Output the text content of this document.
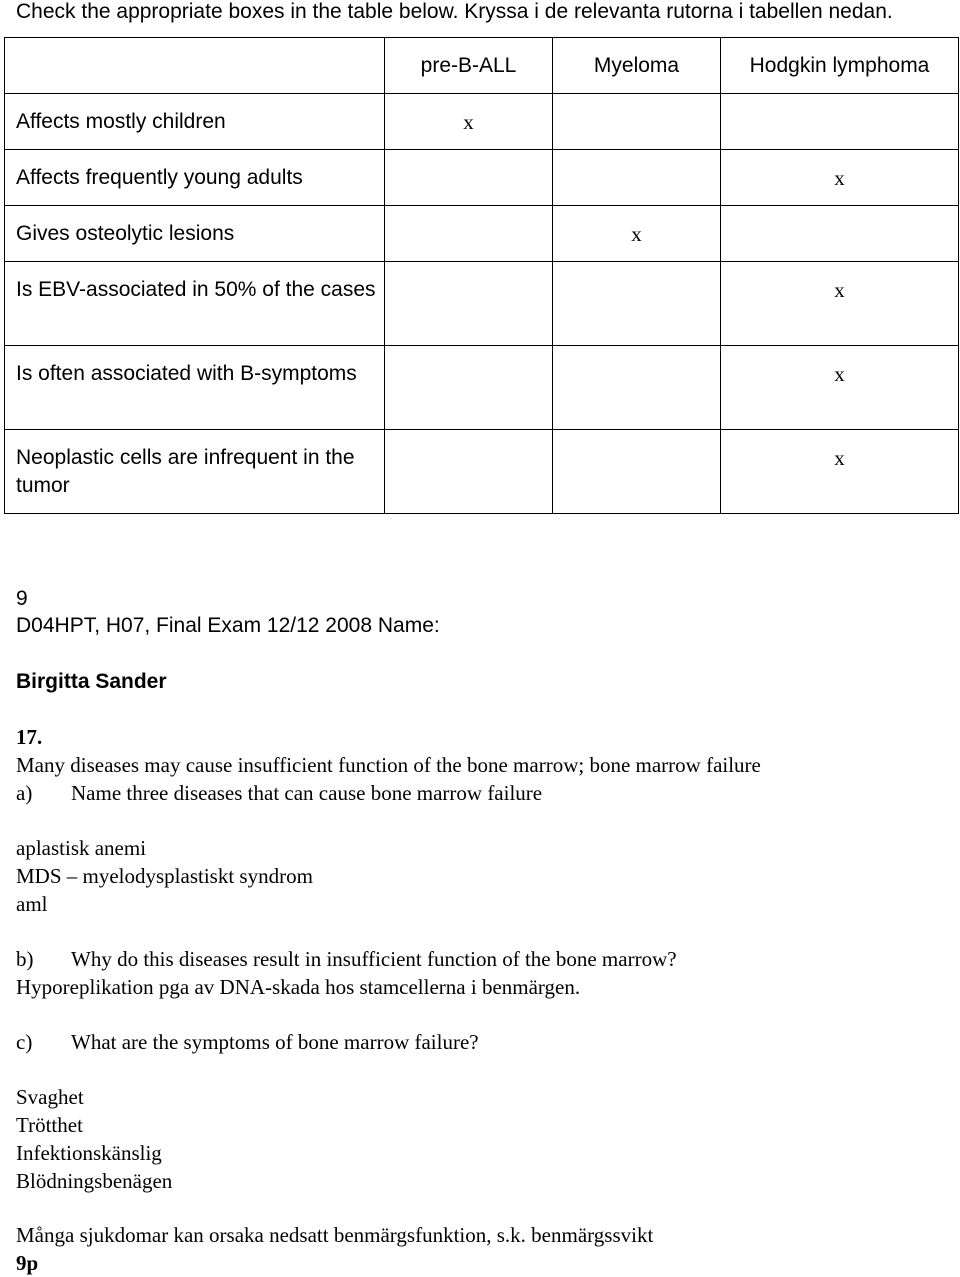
Check the appropriate boxes in the table below. Kryssa i de relevanta rutorna i tabellen nedan.
	pre-B-ALL	Myeloma	Hodgkin lymphoma
Affects mostly children	x		
Affects frequently young adults			x
Gives osteolytic lesions		x	
Is EBV-associated in 50% of the cases			x
Is often associated with B-symptoms			x
Neoplastic cells are infrequent in the tumor			x
9
D04HPT, H07, Final Exam 12/12 2008 Name:
Birgitta Sander
17.
Many diseases may cause insufficient function of the bone marrow; bone marrow failure
a) Name three diseases that can cause bone marrow failure
aplastisk anemi
MDS – myelodysplastiskt syndrom
aml
b) Why do this diseases result in insufficient function of the bone marrow?
Hyporeplikation pga av DNA-skada hos stamcellerna i benmärgen.
c) What are the symptoms of bone marrow failure?
Svaghet
Trötthet
Infektionskänslig
Blödningsbenägen
Många sjukdomar kan orsaka nedsatt benmärgsfunktion, s.k. benmärgssvikt
9p
